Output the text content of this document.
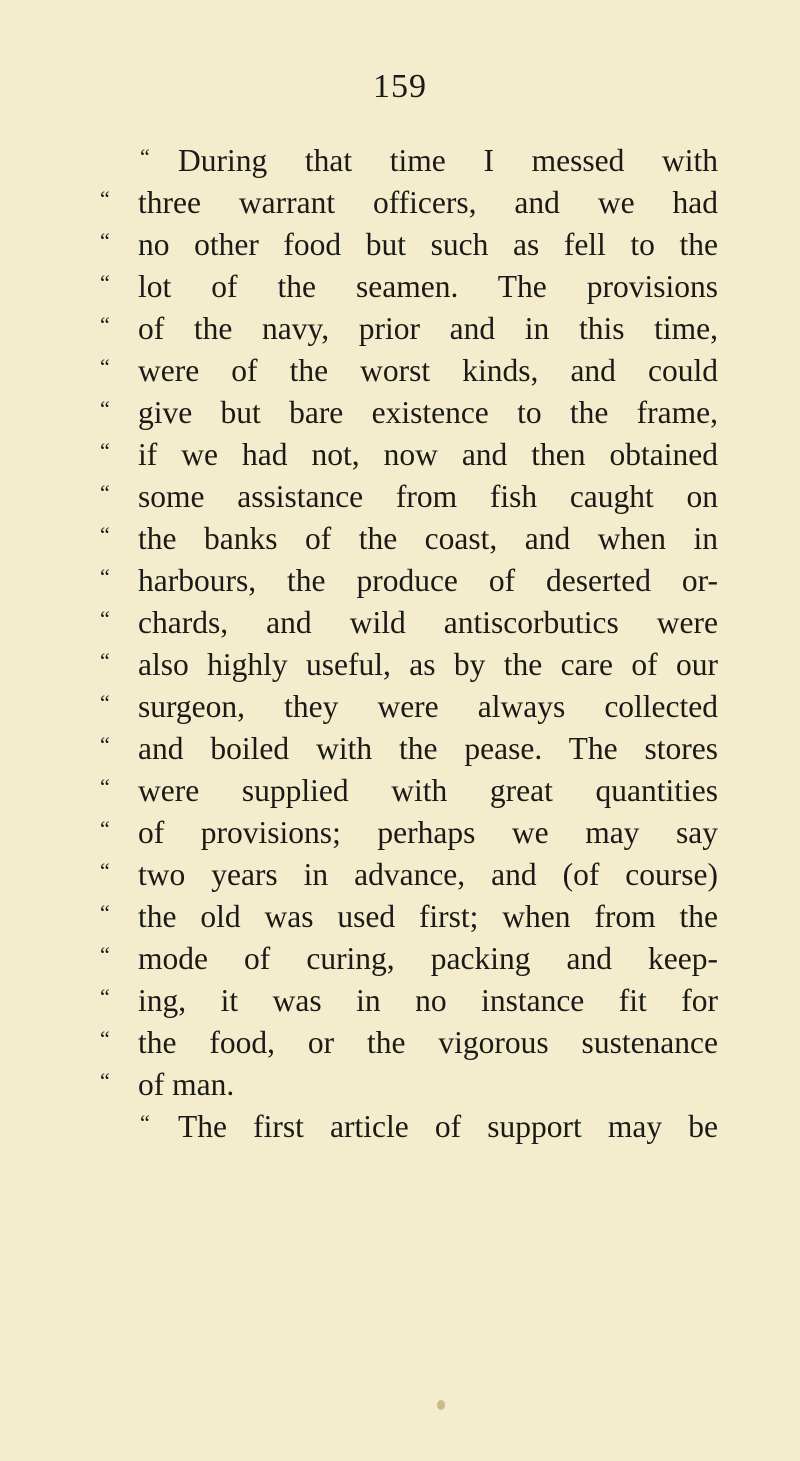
159
“ During that time I messed with
“ three warrant officers, and we had
“ no other food but such as fell to the
“ lot of the seamen. The provisions
“ of the navy, prior and in this time,
“ were of the worst kinds, and could
“ give but bare existence to the frame,
“ if we had not, now and then obtained
“ some assistance from fish caught on
“ the banks of the coast, and when in
“ harbours, the produce of deserted or-
“ chards, and wild antiscorbutics were
“ also highly useful, as by the care of our
“ surgeon, they were always collected
“ and boiled with the pease. The stores
“ were supplied with great quantities
“ of provisions; perhaps we may say
“ two years in advance, and (of course)
“ the old was used first; when from the
“ mode of curing, packing and keep-
“ ing, it was in no instance fit for
“ the food, or the vigorous sustenance
“ of man.
“ The first article of support may be
